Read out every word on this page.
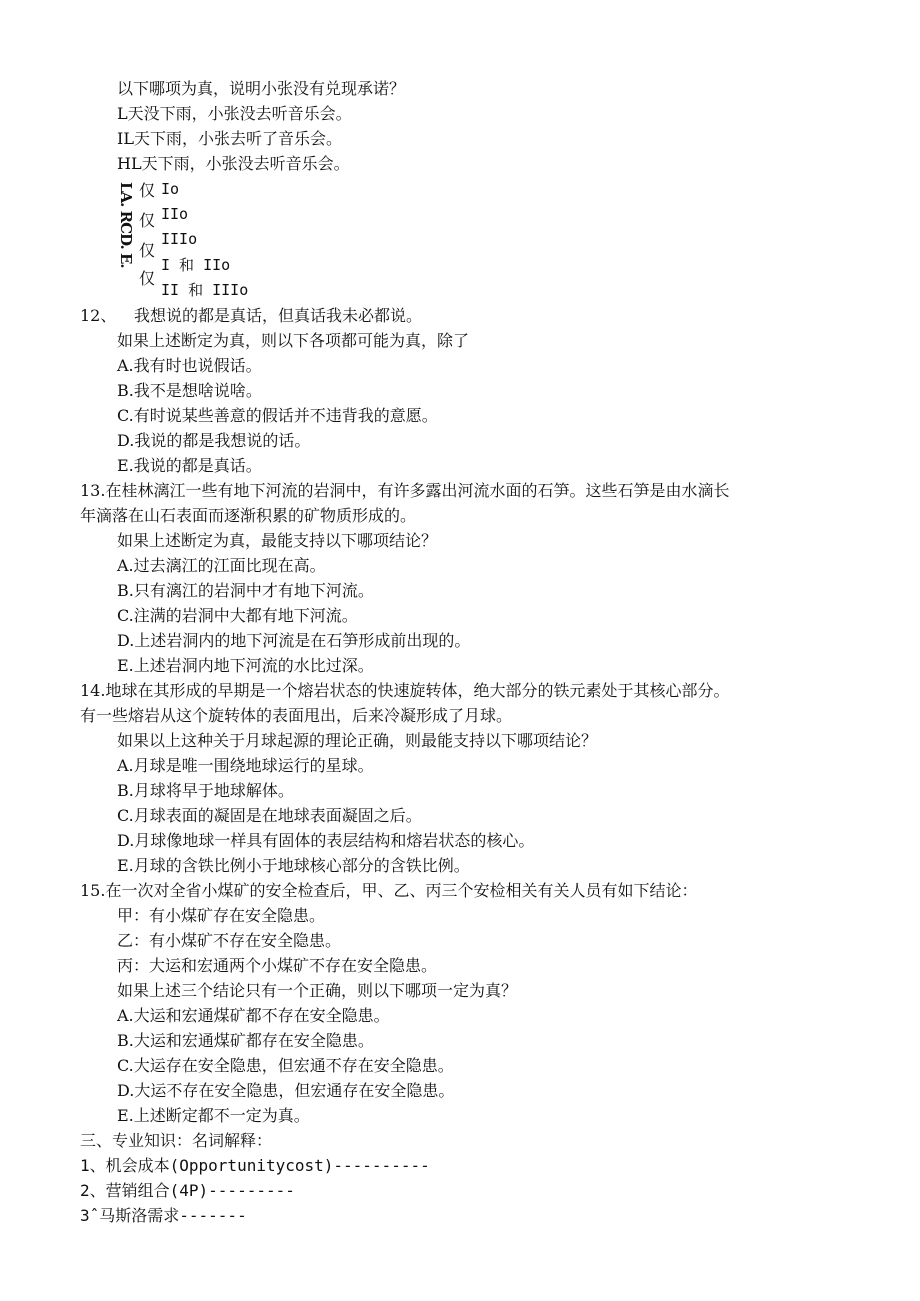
以下哪项为真，说明小张没有兑现承诺？
L天没下雨，小张没去听音乐会。
IL天下雨，小张去听了音乐会。
HL天下雨，小张没去听音乐会。
LA. RCD. E. 仅
仅
仅
仅
Io
IIo
IIIo
I 和 IIo
II 和 IIIo
12、 我想说的都是真话，但真话我未必都说。
如果上述断定为真，则以下各项都可能为真，除了
A.我有时也说假话。
B.我不是想啥说啥。
C.有时说某些善意的假话并不违背我的意愿。
D.我说的都是我想说的话。
E.我说的都是真话。
13.在桂林漓江一些有地下河流的岩洞中，有许多露出河流水面的石笋。这些石笋是由水滴长
年滴落在山石表面而逐渐积累的矿物质形成的。
如果上述断定为真，最能支持以下哪项结论？
A.过去漓江的江面比现在高。
B.只有漓江的岩洞中才有地下河流。
C.注满的岩洞中大都有地下河流。
D.上述岩洞内的地下河流是在石笋形成前出现的。
E.上述岩洞内地下河流的水比过深。
14.地球在其形成的早期是一个熔岩状态的快速旋转体，绝大部分的铁元素处于其核心部分。
有一些熔岩从这个旋转体的表面甩出，后来冷凝形成了月球。
如果以上这种关于月球起源的理论正确，则最能支持以下哪项结论？
A.月球是唯一围绕地球运行的星球。
B.月球将早于地球解体。
C.月球表面的凝固是在地球表面凝固之后。
D.月球像地球一样具有固体的表层结构和熔岩状态的核心。
E.月球的含铁比例小于地球核心部分的含铁比例。
15.在一次对全省小煤矿的安全检查后，甲、乙、丙三个安检相关有关人员有如下结论：
甲：有小煤矿存在安全隐患。
乙：有小煤矿不存在安全隐患。
丙：大运和宏通两个小煤矿不存在安全隐患。
如果上述三个结论只有一个正确，则以下哪项一定为真？
A.大运和宏通煤矿都不存在安全隐患。
B.大运和宏通煤矿都存在安全隐患。
C.大运存在安全隐患，但宏通不存在安全隐患。
D.大运不存在安全隐患，但宏通存在安全隐患。
E.上述断定都不一定为真。
三、专业知识：名词解释：
1、机会成本(Opportunitycost)----------
2、营销组合(4P)---------
3ˆ马斯洛需求-------
